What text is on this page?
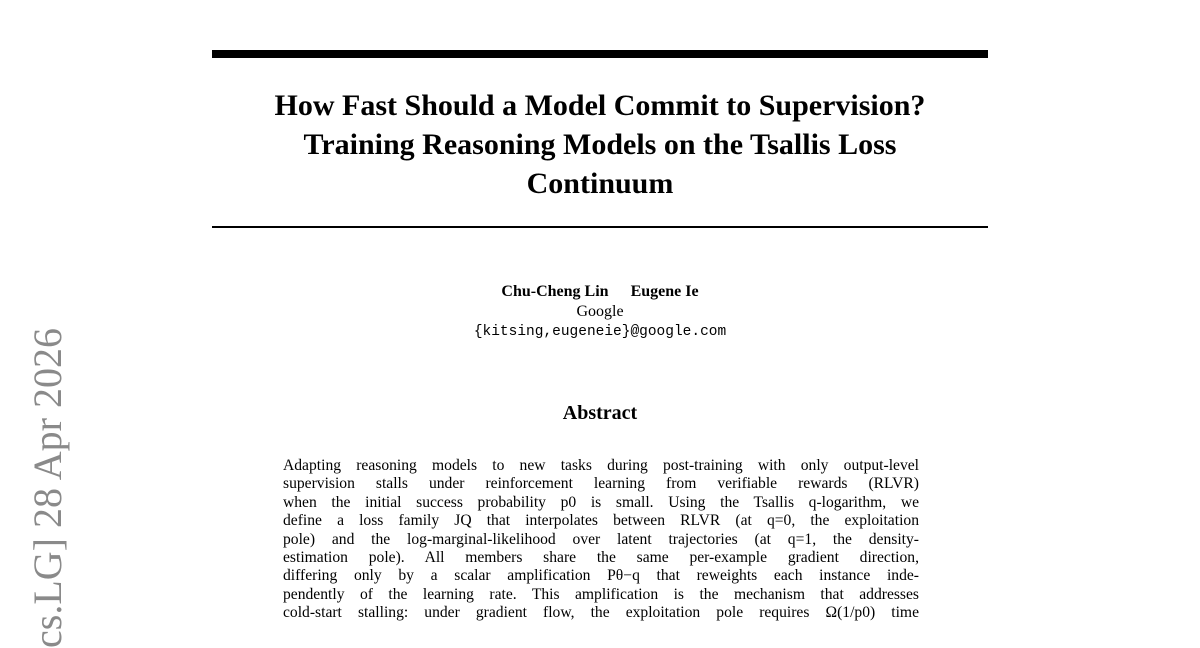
cs.LG] 28 Apr 2026
How Fast Should a Model Commit to Supervision?
Training Reasoning Models on the Tsallis Loss
Continuum
Chu-Cheng Lin Eugene Ie
Google
{kitsing,eugeneie}@google.com
Abstract
Adapting reasoning models to new tasks during post-training with only output-level
supervision stalls under reinforcement learning from verifiable rewards (RLVR)
when the initial success probability p0 is small. Using the Tsallis q-logarithm, we
define a loss family JQ that interpolates between RLVR (at q=0, the exploitation
pole) and the log-marginal-likelihood over latent trajectories (at q=1, the density-
estimation pole). All members share the same per-example gradient direction,
differing only by a scalar amplification Pθ−q that reweights each instance inde-
pendently of the learning rate. This amplification is the mechanism that addresses
cold-start stalling: under gradient flow, the exploitation pole requires Ω(1/p0) time
